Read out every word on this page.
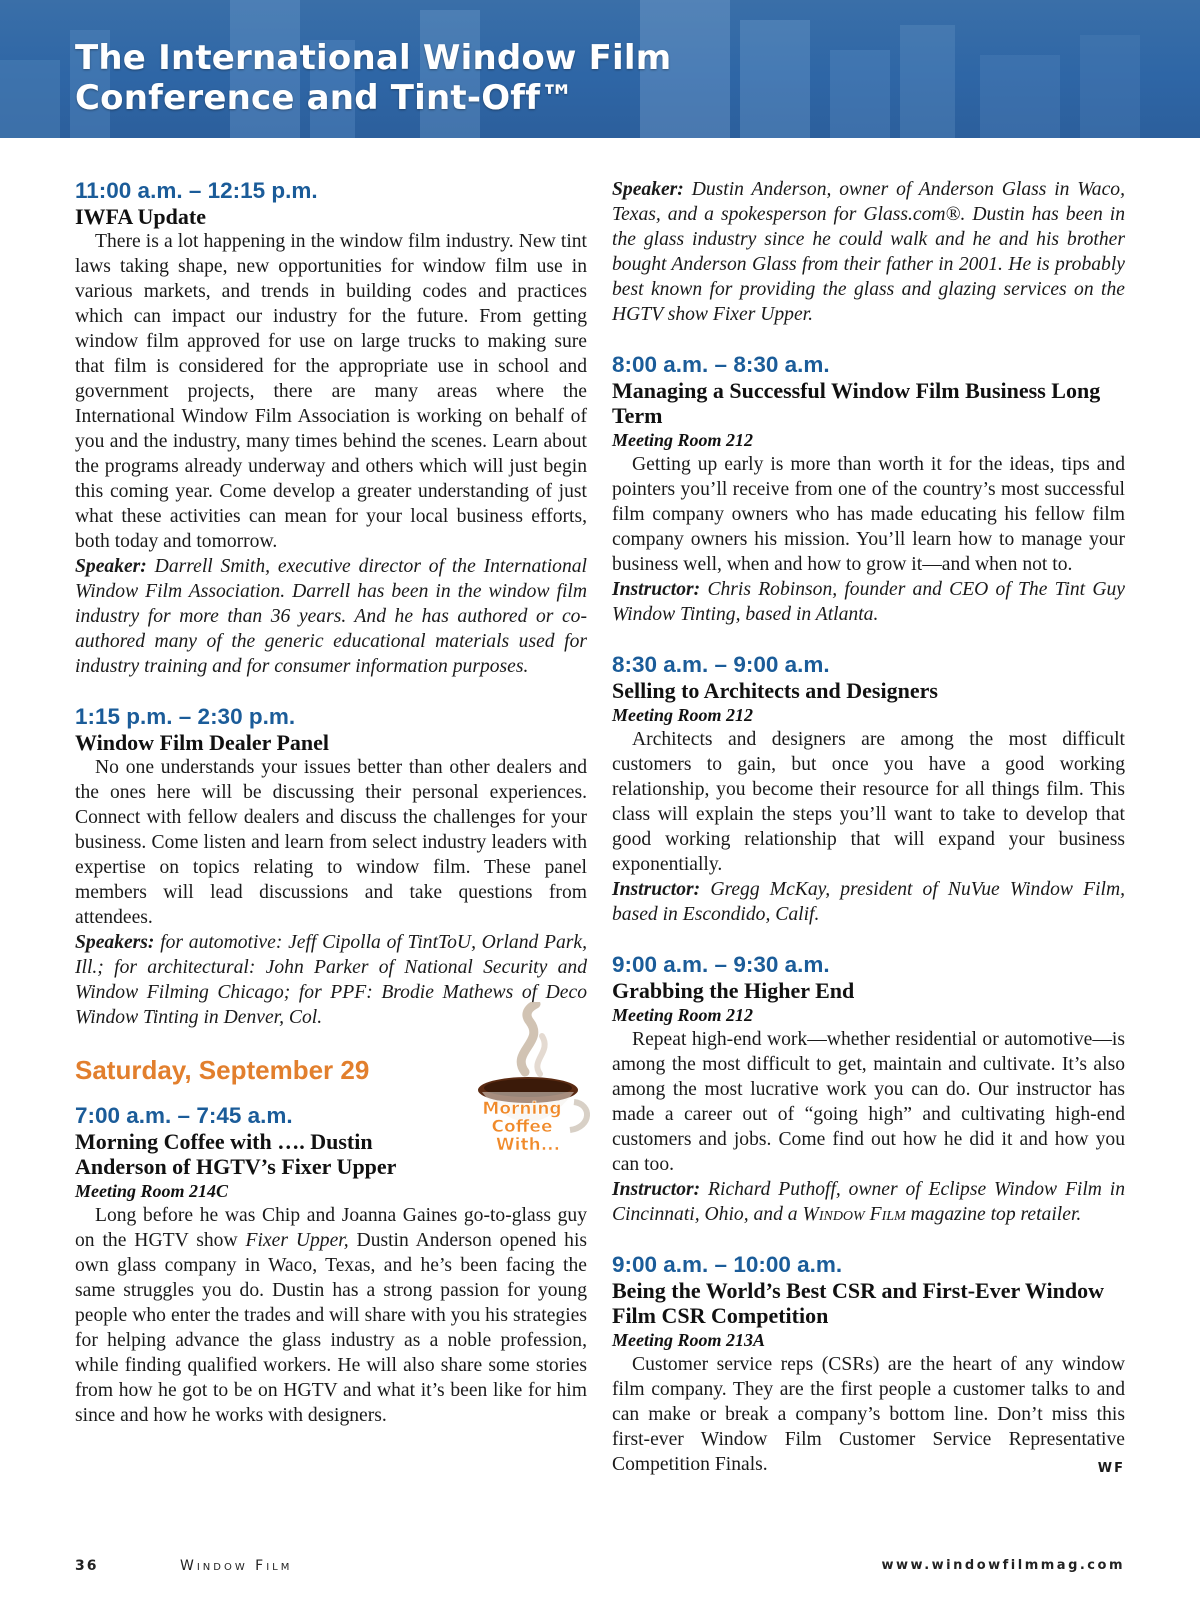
The International Window Film
Conference and Tint-Off™
11:00 a.m. – 12:15 p.m.
IWFA Update

There is a lot happening in the window film industry. New tint laws taking shape, new opportunities for window film use in various markets, and trends in building codes and practices which can impact our industry for the future. From getting window film approved for use on large trucks to making sure that film is considered for the appropriate use in school and government projects, there are many areas where the International Window Film Association is working on behalf of you and the industry, many times behind the scenes. Learn about the programs already underway and others which will just begin this coming year. Come develop a greater understanding of just what these activities can mean for your local business efforts, both today and tomorrow.

Speaker: Darrell Smith, executive director of the International Window Film Association. Darrell has been in the window film industry for more than 36 years. And he has authored or co-authored many of the generic educational materials used for industry training and for consumer information purposes.

1:15 p.m. – 2:30 p.m.
Window Film Dealer Panel

No one understands your issues better than other dealers and the ones here will be discussing their personal experiences. Connect with fellow dealers and discuss the challenges for your business. Come listen and learn from select industry leaders with expertise on topics relating to window film. These panel members will lead discussions and take questions from attendees.

Speakers: for automotive: Jeff Cipolla of TintToU, Orland Park, Ill.; for architectural: John Parker of National Security and Window Filming Chicago; for PPF: Brodie Mathews of Deco Window Tinting in Denver, Col.

Saturday, September 29
Morning
Coffee
With...
7:00 a.m. – 7:45 a.m.
Morning Coffee with …. Dustin Anderson of HGTV’s Fixer Upper
Meeting Room 214C

Long before he was Chip and Joanna Gaines go-to-glass guy on the HGTV show Fixer Upper, Dustin Anderson opened his own glass company in Waco, Texas, and he’s been facing the same struggles you do. Dustin has a strong passion for young people who enter the trades and will share with you his strategies for helping advance the glass industry as a noble profession, while finding qualified workers. He will also share some stories from how he got to be on HGTV and what it’s been like for him since and how he works with designers.

Speaker: Dustin Anderson, owner of Anderson Glass in Waco, Texas, and a spokesperson for Glass.com®. Dustin has been in the glass industry since he could walk and he and his brother bought Anderson Glass from their father in 2001. He is probably best known for providing the glass and glazing services on the HGTV show Fixer Upper.

8:00 a.m. – 8:30 a.m.
Managing a Successful Window Film Business Long Term
Meeting Room 212

Getting up early is more than worth it for the ideas, tips and pointers you’ll receive from one of the country’s most successful film company owners who has made educating his fellow film company owners his mission. You’ll learn how to manage your business well, when and how to grow it—and when not to.

Instructor: Chris Robinson, founder and CEO of The Tint Guy Window Tinting, based in Atlanta.

8:30 a.m. – 9:00 a.m.
Selling to Architects and Designers
Meeting Room 212

Architects and designers are among the most difficult customers to gain, but once you have a good working relationship, you become their resource for all things film. This class will explain the steps you’ll want to take to develop that good working relationship that will expand your business exponentially.

Instructor: Gregg McKay, president of NuVue Window Film, based in Escondido, Calif.

9:00 a.m. – 9:30 a.m.
Grabbing the Higher End
Meeting Room 212

Repeat high-end work—whether residential or automotive—is among the most difficult to get, maintain and cultivate. It’s also among the most lucrative work you can do. Our instructor has made a career out of “going high” and cultivating high-end customers and jobs. Come find out how he did it and how you can too.

Instructor: Richard Puthoff, owner of Eclipse Window Film in Cincinnati, Ohio, and a Window Film magazine top retailer.

9:00 a.m. – 10:00 a.m.
Being the World’s Best CSR and First-Ever Window Film CSR Competition
Meeting Room 213A

Customer service reps (CSRs) are the heart of any window film company. They are the first people a customer talks to and can make or break a company’s bottom line. Don’t miss this first-ever Window Film Customer Service Representative Competition Finals.	WF

36	Window Film	www.windowfilmmag.com
